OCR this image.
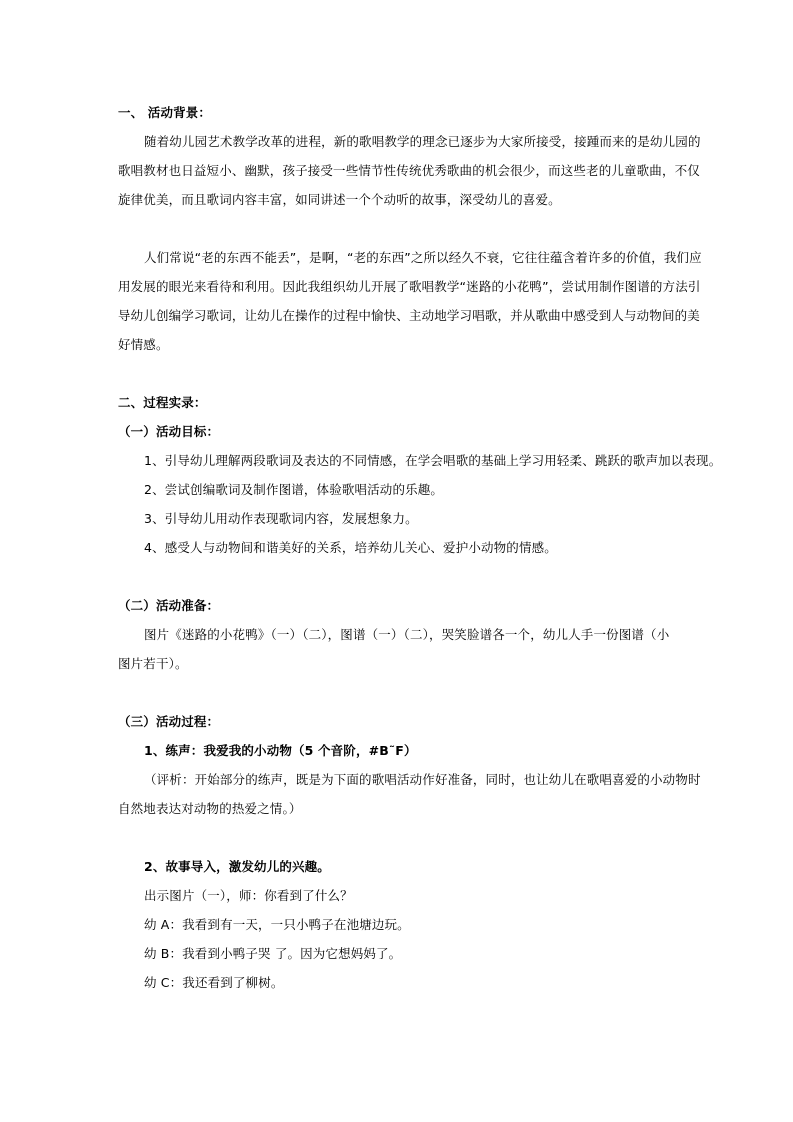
一、 活动背景：
随着幼儿园艺术教学改革的进程，新的歌唱教学的理念已逐步为大家所接受，接踵而来的是幼儿园的
歌唱教材也日益短小、幽默，孩子接受一些情节性传统优秀歌曲的机会很少，而这些老的儿童歌曲，不仅
旋律优美，而且歌词内容丰富，如同讲述一个个动听的故事，深受幼儿的喜爱。
人们常说“老的东西不能丢”，是啊，“老的东西”之所以经久不衰，它往往蕴含着许多的价值，我们应
用发展的眼光来看待和利用。因此我组织幼儿开展了歌唱教学“迷路的小花鸭”，尝试用制作图谱的方法引
导幼儿创编学习歌词，让幼儿在操作的过程中愉快、主动地学习唱歌，并从歌曲中感受到人与动物间的美
好情感。
二、过程实录：
（一）活动目标：
1、引导幼儿理解两段歌词及表达的不同情感，在学会唱歌的基础上学习用轻柔、跳跃的歌声加以表现。
2、尝试创编歌词及制作图谱，体验歌唱活动的乐趣。
3、引导幼儿用动作表现歌词内容，发展想象力。
4、感受人与动物间和谐美好的关系，培养幼儿关心、爱护小动物的情感。
（二）活动准备：
图片《迷路的小花鸭》（一）（二），图谱（一）（二），哭笑脸谱各一个，幼儿人手一份图谱（小
图片若干）。
（三）活动过程：
1、练声：我爱我的小动物（5 个音阶，#B˜F）
（评析：开始部分的练声，既是为下面的歌唱活动作好准备，同时，也让幼儿在歌唱喜爱的小动物时
自然地表达对动物的热爱之情。）
2、故事导入，激发幼儿的兴趣。
出示图片（一），师：你看到了什么？
幼 A：我看到有一天，一只小鸭子在池塘边玩。
幼 B：我看到小鸭子哭 了。因为它想妈妈了。
幼 C：我还看到了柳树。
